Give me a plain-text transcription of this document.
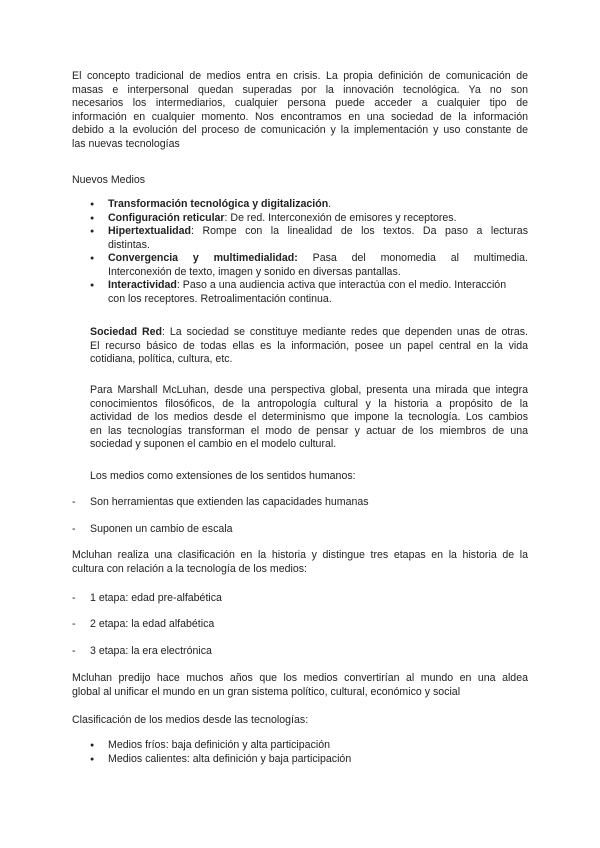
El concepto tradicional de medios entra en crisis. La propia definición de comunicación de
masas e interpersonal quedan superadas por la innovación tecnológica. Ya no son
necesarios los intermediarios, cualquier persona puede acceder a cualquier tipo de
información en cualquier momento. Nos encontramos en una sociedad de la información
debido a la evolución del proceso de comunicación y la implementación y uso constante de
las nuevas tecnologías

Nuevos Medios

● Transformación tecnológica y digitalización.
● Configuración reticular: De red. Interconexión de emisores y receptores.
● Hipertextualidad: Rompe con la linealidad de los textos. Da paso a lecturas
distintas.
● Convergencia y multimedialidad: Pasa del monomedia al multimedia.
Interconexión de texto, imagen y sonido en diversas pantallas.
● Interactividad: Paso a una audiencia activa que interactúa con el medio. Interacción
con los receptores. Retroalimentación continua.

Sociedad Red: La sociedad se constituye mediante redes que dependen unas de otras.
El recurso básico de todas ellas es la información, posee un papel central en la vida
cotidiana, política, cultura, etc.

Para Marshall McLuhan, desde una perspectiva global, presenta una mirada que integra
conocimientos filosóficos, de la antropología cultural y la historia a propósito de la
actividad de los medios desde el determinismo que impone la tecnología. Los cambios
en las tecnologías transforman el modo de pensar y actuar de los miembros de una
sociedad y suponen el cambio en el modelo cultural.

Los medios como extensiones de los sentidos humanos:

- Son herramientas que extienden las capacidades humanas
- Suponen un cambio de escala

Mcluhan realiza una clasificación en la historia y distingue tres etapas en la historia de la
cultura con relación a la tecnología de los medios:

- 1 etapa: edad pre-alfabética
- 2 etapa: la edad alfabética
- 3 etapa: la era electrónica

Mcluhan predijo hace muchos años que los medios convertirían al mundo en una aldea
global al unificar el mundo en un gran sistema político, cultural, económico y social

Clasificación de los medios desde las tecnologías:

● Medios fríos: baja definición y alta participación
● Medios calientes: alta definición y baja participación
